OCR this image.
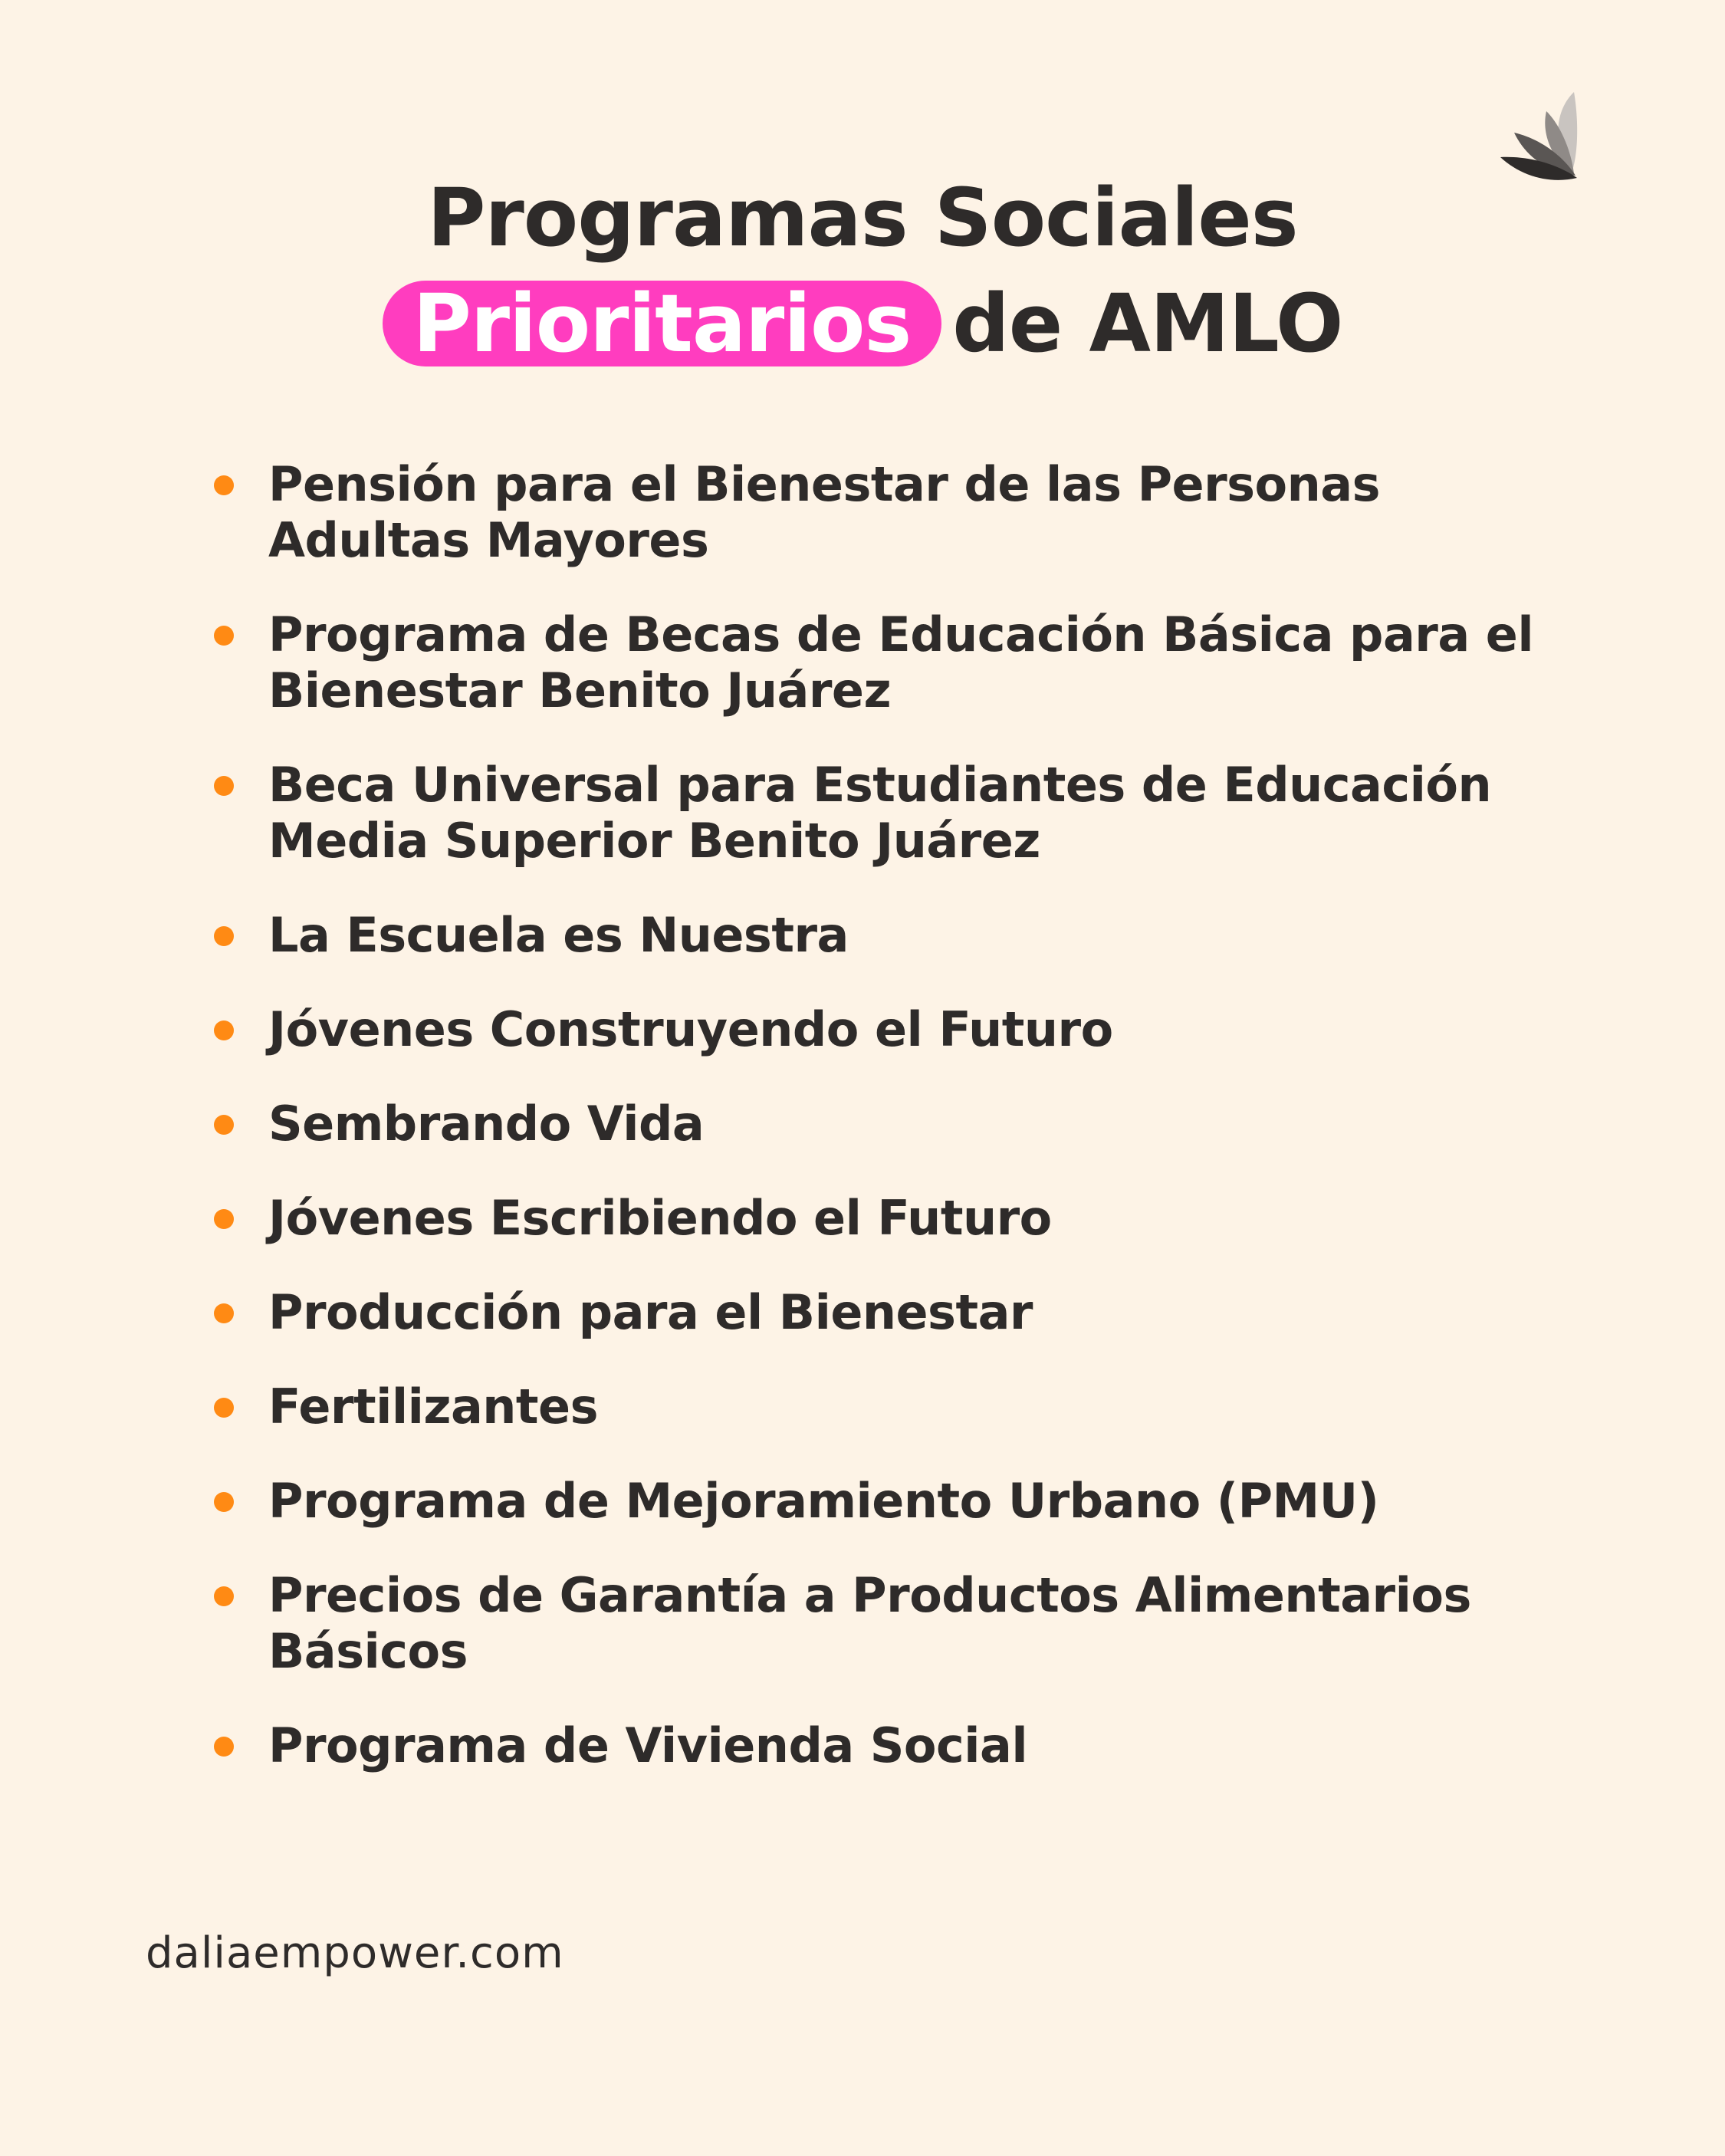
Programas Sociales
Prioritarios de AMLO
Pensión para el Bienestar de las Personas Adultas Mayores
Programa de Becas de Educación Básica para el Bienestar Benito Juárez
Beca Universal para Estudiantes de Educación Media Superior Benito Juárez
La Escuela es Nuestra
Jóvenes Construyendo el Futuro
Sembrando Vida
Jóvenes Escribiendo el Futuro
Producción para el Bienestar
Fertilizantes
Programa de Mejoramiento Urbano (PMU)
Precios de Garantía a Productos Alimentarios Básicos
Programa de Vivienda Social
daliaempower.com
